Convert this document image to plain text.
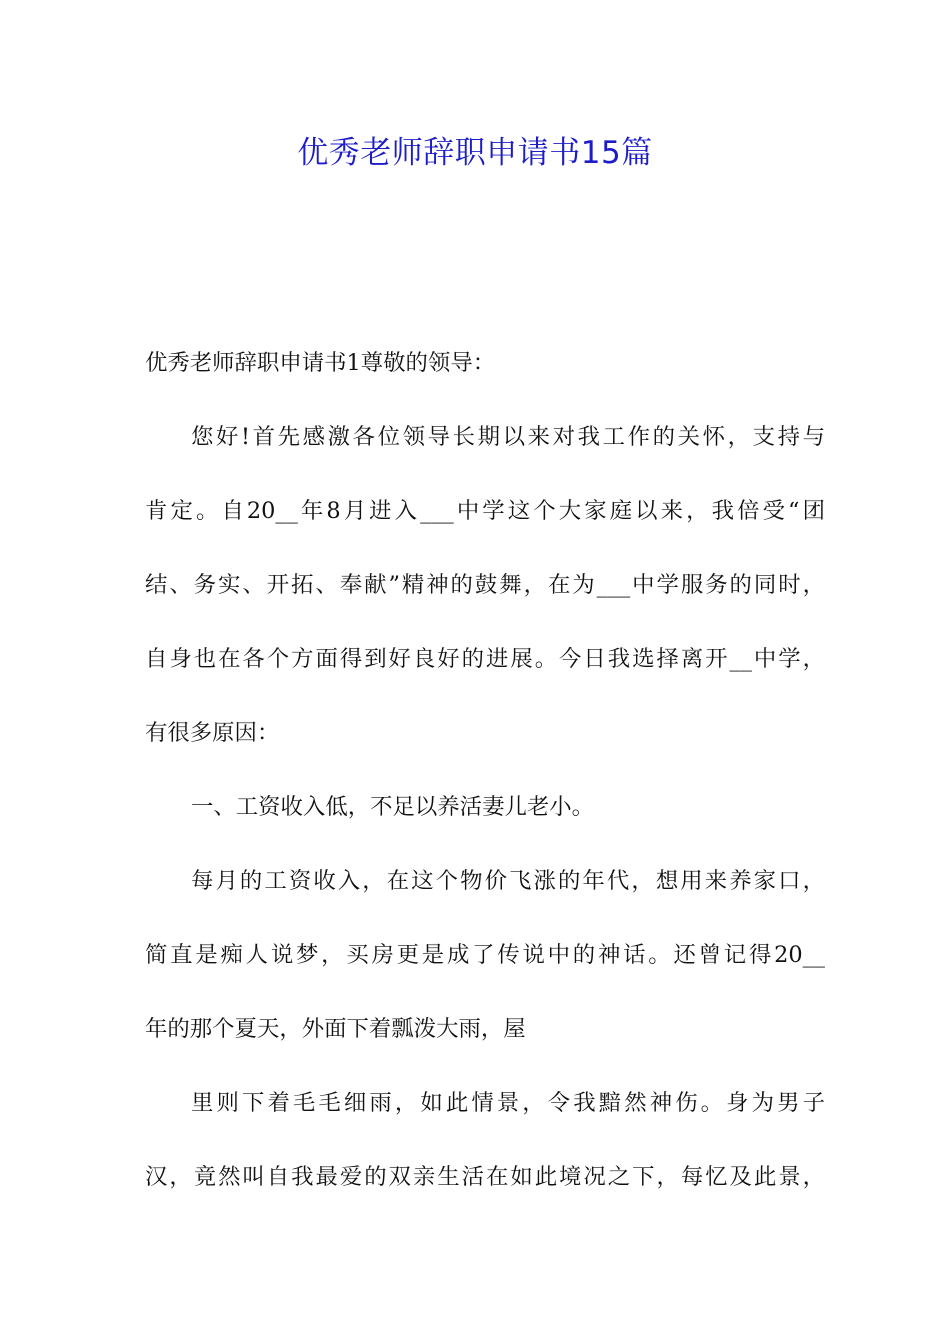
优秀老师辞职申请书15篇
优秀老师辞职申请书1尊敬的领导：
您好!首先感激各位领导长期以来对我工作的关怀，支持与
肯定。自20__年8月进入___中学这个大家庭以来，我倍受“团
结、务实、开拓、奉献”精神的鼓舞，在为___中学服务的同时，
自身也在各个方面得到好良好的进展。今日我选择离开__中学，
有很多原因：
一、工资收入低，不足以养活妻儿老小。
每月的工资收入，在这个物价飞涨的年代，想用来养家口，
简直是痴人说梦，买房更是成了传说中的神话。还曾记得20__
年的那个夏天，外面下着瓢泼大雨，屋
里则下着毛毛细雨，如此情景，令我黯然神伤。身为男子
汉，竟然叫自我最爱的双亲生活在如此境况之下，每忆及此景，
